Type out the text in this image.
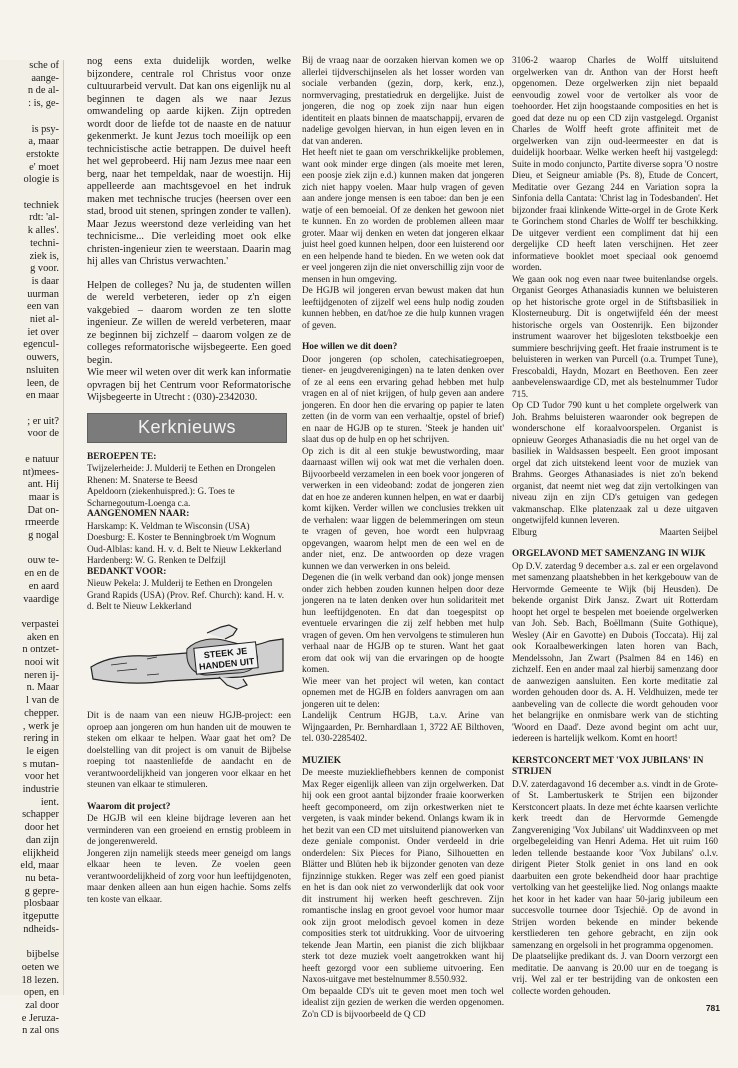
sche of

aange-

n de al-

: is, ge-

is psy-

a, maar

erstokte

e' moet

ologie is

techniek

rdt: 'al-

k alles'.

techni-

ziek is,

g voor.

is daar

uurman

een van

niet al-

iet over

egencul-

ouwers,

nsluiten

leen, de

en maar

; er uit?

voor de

e natuur

nt)mees-

ant. Hij

maar is

Dat on-

rmeerde

g nogal

ouw te-

en en de

en aard

vaardige

verpastei

aken en

n ontzet-

nooi wit

neren ij-

n. Maar

l van de

chepper.

, werk je

rering in

le eigen

s mutan-

voor het

industrie

ient.

schapper

door het

dan zijn

elijkheid

eld, maar

nu beta-

g gepre-

plosbaar

itgeputte

ndheids-

bijbelse

oeten we

18 lezen.

open, en

zal door

e Jeruza-

n zal ons

nog eens exta duidelijk worden, welke bijzondere, centrale rol Christus voor onze cultuurarbeid vervult. Dat kan ons eigenlijk nu al beginnen te dagen als we naar Jezus omwandeling op aarde kijken. Zijn optreden wordt door de liefde tot de naaste en de natuur gekenmerkt. Je kunt Jezus toch moeilijk op een technicistische actie betrappen. De duivel heeft het wel geprobeerd. Hij nam Jezus mee naar een berg, naar het tempeldak, naar de woestijn. Hij appelleerde aan machtsgevoel en het indruk maken met technische trucjes (heersen over een stad, brood uit stenen, springen zonder te vallen). Maar Jezus weerstond deze verleiding van het technicisme... Die verleiding moet ook elke christen-ingenieur zien te weerstaan. Daarin mag hij alles van Christus verwachten.'

Helpen de colleges? Nu ja, de studenten willen de wereld verbeteren, ieder op z'n eigen vakgebied – daarom worden ze ten slotte ingenieur. Ze willen de wereld verbeteren, maar ze beginnen bij zichzelf – daarom volgen ze de colleges reformatorische wijsbegeerte. Een goed begin.

Wie meer wil weten over dit werk kan informatie opvragen bij het Centrum voor Reformatorische Wijsbegeerte in Utrecht : (030)-2342030.

Kerknieuws
BEROEPEN TE:

Twijzelerheide: J. Mulderij te Eethen en Drongelen

Rhenen: M. Snaterse te Beesd

Apeldoorn (ziekenhuispred.): G. Toes te Scharnegoutum-Loenga c.a.

AANGENOMEN NAAR:

Harskamp: K. Veldman te Wisconsin (USA)

Doesburg: E. Koster te Benningbroek t/m Wognum

Oud-Alblas: kand. H. v. d. Belt te Nieuw Lekkerland

Hardenberg: W. G. Renken te Delfzijl

BEDANKT VOOR:

Nieuw Pekela: J. Mulderij te Eethen en Drongelen

Grand Rapids (USA) (Prov. Ref. Church): kand. H. v. d. Belt te Nieuw Lekkerland

STEEK JE
HANDEN UIT

Dit is de naam van een nieuw HGJB-project: een oproep aan jongeren om hun handen uit de mouwen te steken om elkaar te helpen. Waar gaat het om? De doelstelling van dit project is om vanuit de Bijbelse roeping tot naastenliefde de aandacht en de verantwoordelijkheid van jongeren voor elkaar en het steunen van elkaar te stimuleren.

Waarom dit project?

De HGJB wil een kleine bijdrage leveren aan het verminderen van een groeiend en ernstig probleem in de jongerenwereld.

Jongeren zijn namelijk steeds meer geneigd om langs elkaar heen te leven. Ze voelen geen verantwoordelijkheid of zorg voor hun leeftijdgenoten, maar denken alleen aan hun eigen hachie. Soms zelfs ten koste van elkaar.

Bij de vraag naar de oorzaken hiervan komen we op allerlei tijdverschijnselen als het losser worden van sociale verbanden (gezin, dorp, kerk, enz.), normvervaging, prestatiedruk en dergelijke. Juist de jongeren, die nog op zoek zijn naar hun eigen identiteit en plaats binnen de maatschappij, ervaren de nadelige gevolgen hiervan, in hun eigen leven en in dat van anderen.

Het heeft niet te gaan om verschrikkelijke problemen, want ook minder erge dingen (als moeite met leren, een poosje ziek zijn e.d.) kunnen maken dat jongeren zich niet happy voelen. Maar hulp vragen of geven aan andere jonge mensen is een taboe: dan ben je een watje of een bemoeial. Of ze denken het gewoon niet te kunnen. En zo worden de problemen alleen maar groter. Maar wij denken en weten dat jongeren elkaar juist heel goed kunnen helpen, door een luisterend oor en een helpende hand te bieden. En we weten ook dat er veel jongeren zijn die niet onverschillig zijn voor de mensen in hun omgeving.

De HGJB wil jongeren ervan bewust maken dat hun leeftijdgenoten of zijzelf wel eens hulp nodig zouden kunnen hebben, en dat/hoe ze die hulp kunnen vragen of geven.

Hoe willen we dit doen?

Door jongeren (op scholen, catechisatiegroepen, tiener- en jeugdverenigingen) na te laten denken over of ze al eens een ervaring gehad hebben met hulp vragen en al of niet krijgen, of hulp geven aan andere jongeren. En door hen die ervaring op papier te laten zetten (in de vorm van een verhaaltje, opstel of brief) en naar de HGJB op te sturen. 'Steek je handen uit' slaat dus op de hulp en op het schrijven.

Op zich is dit al een stukje bewustwording, maar daarnaast willen wij ook wat met die verhalen doen. Bijvoorbeeld verzamelen in een boek voor jongeren of verwerken in een videoband: zodat de jongeren zien dat en hoe ze anderen kunnen helpen, en wat er daarbij komt kijken. Verder willen we conclusies trekken uit de verhalen: waar liggen de belemmeringen om steun te vragen of geven, hoe wordt een hulpvraag opgevangen, waarom helpt men de een wel en de ander niet, enz. De antwoorden op deze vragen kunnen we dan verwerken in ons beleid.

Degenen die (in welk verband dan ook) jonge mensen onder zich hebben zouden kunnen helpen door deze jongeren na te laten denken over hun solidariteit met hun leeftijdgenoten. En dat dan toegespitst op eventuele ervaringen die zij zelf hebben met hulp vragen of geven. Om hen vervolgens te stimuleren hun verhaal naar de HGJB op te sturen. Want het gaat erom dat ook wij van die ervaringen op de hoogte komen.

Wie meer van het project wil weten, kan contact opnemen met de HGJB en folders aanvragen om aan jongeren uit te delen:

Landelijk Centrum HGJB, t.a.v. Arine van Wijngaarden, Pr. Bernhardlaan 1, 3722 AE Bilthoven, tel. 030-2285402.

MUZIEK

De meeste muziekliefhebbers kennen de componist Max Reger eigenlijk alleen van zijn orgelwerken. Dat hij ook een groot aantal bijzonder fraaie koorwerken heeft gecomponeerd, om zijn orkestwerken niet te vergeten, is vaak minder bekend. Onlangs kwam ik in het bezit van een CD met uitsluitend pianowerken van deze geniale componist. Onder verdeeld in drie onderdelen: Six Pieces for Piano, Silhouetten en Blätter und Blüten heb ik bijzonder genoten van deze fijnzinnige stukken. Reger was zelf een goed pianist en het is dan ook niet zo verwonderlijk dat ook voor dit instrument hij werken heeft geschreven. Zijn romantische inslag en groot gevoel voor humor maar ook zijn groot melodisch gevoel komen in deze composities sterk tot uitdrukking. Voor de uitvoering tekende Jean Martin, een pianist die zich blijkbaar sterk tot deze muziek voelt aangetrokken want hij heeft gezorgd voor een sublieme uitvoering. Een Naxos-uitgave met bestelnummer 8.550.932.

Om bepaalde CD's uit te geven moet men toch wel idealist zijn gezien de werken die werden opgenomen. Zo'n CD is bijvoorbeeld de Q CD

3106-2 waarop Charles de Wolff uitsluitend orgelwerken van dr. Anthon van der Horst heeft opgenomen. Deze orgelwerken zijn niet bepaald eenvoudig zowel voor de vertolker als voor de toehoorder. Het zijn hoogstaande composities en het is goed dat deze nu op een CD zijn vastgelegd. Organist Charles de Wolff heeft grote affiniteit met de orgelwerken van zijn oud-leermeester en dat is duidelijk hoorbaar. Welke werken heeft hij vastgelegd: Suite in modo conjuncto, Partite diverse sopra 'O nostre Dieu, et Seigneur amiable (Ps. 8), Etude de Concert, Meditatie over Gezang 244 en Variation sopra la Sinfonia della Cantata: 'Christ lag in Todesbanden'. Het bijzonder fraai klinkende Witte-orgel in de Grote Kerk te Gorinchem stond Charles de Wolff ter beschikking. De uitgever verdient een compliment dat hij een dergelijke CD heeft laten verschijnen. Het zeer informatieve booklet moet speciaal ook genoemd worden.

We gaan ook nog even naar twee buitenlandse orgels. Organist Georges Athanasiadis kunnen we beluisteren op het historische grote orgel in de Stiftsbasiliek in Klosterneuburg. Dit is ongetwijfeld één der meest historische orgels van Oostenrijk. Een bijzonder instrument waarover het bijgesloten tekstboekje een summiere beschrijving geeft. Het fraaie instrument is te beluisteren in werken van Purcell (o.a. Trumpet Tune), Frescobaldi, Haydn, Mozart en Beethoven. Een zeer aanbevelenswaardige CD, met als bestelnummer Tudor 715.

Op CD Tudor 790 kunt u het complete orgelwerk van Joh. Brahms beluisteren waaronder ook begrepen de wonderschone elf koraalvoorspelen. Organist is opnieuw Georges Athanasiadis die nu het orgel van de basiliek in Waldsassen bespeelt. Een groot imposant orgel dat zich uitstekend leent voor de muziek van Brahms. Georges Athanasiades is niet zo'n bekend organist, dat neemt niet weg dat zijn vertolkingen van niveau zijn en zijn CD's getuigen van gedegen vakmanschap. Elke platenzaak zal u deze uitgaven ongetwijfeld kunnen leveren.

Elburg	Maarten Seijbel
ORGELAVOND MET SAMENZANG IN WIJK

Op D.V. zaterdag 9 december a.s. zal er een orgelavond met samenzang plaatshebben in het kerkgebouw van de Hervormde Gemeente te Wijk (bij Heusden). De bekende organist Dirk Jansz. Zwart uit Rotterdam hoopt het orgel te bespelen met boeiende orgelwerken van Joh. Seb. Bach, Boëllmann (Suite Gothique), Wesley (Air en Gavotte) en Dubois (Toccata). Hij zal ook Koraalbewerkingen laten horen van Bach, Mendelssohn, Jan Zwart (Psalmen 84 en 146) en zichzelf. Een en ander maal zal hierbij samenzang door de aanwezigen aansluiten. Een korte meditatie zal worden gehouden door ds. A. H. Veldhuizen, mede ter aanbeveling van de collecte die wordt gehouden voor het belangrijke en onmisbare werk van de stichting 'Woord en Daad'. Deze avond begint om acht uur, iedereen is hartelijk welkom. Komt en hoort!

KERSTCONCERT MET 'VOX JUBILANS' IN STRIJEN

D.V. zaterdagavond 16 december a.s. vindt in de Grote- of St. Lambertuskerk te Strijen een bijzonder Kerstconcert plaats. In deze met échte kaarsen verlichte kerk treedt dan de Hervormde Gemengde Zangvereniging 'Vox Jubilans' uit Waddinxveen op met orgelbegeleiding van Henri Adema. Het uit ruim 160 leden tellende bestaande koor 'Vox Jubilans' o.l.v. dirigent Pieter Stolk geniet in ons land en ook daarbuiten een grote bekendheid door haar prachtige vertolking van het geestelijke lied. Nog onlangs maakte het koor in het kader van haar 50-jarig jubileum een succesvolle tournee door Tsjechië. Op de avond in Strijen worden bekende en minder bekende kerstliederen ten gehore gebracht, en zijn ook samenzang en orgelsoli in het programma opgenomen.

De plaatselijke predikant ds. J. van Doorn verzorgt een meditatie. De aanvang is 20.00 uur en de toegang is vrij. Wel zal er ter bestrijding van de onkosten een collecte worden gehouden.

781
